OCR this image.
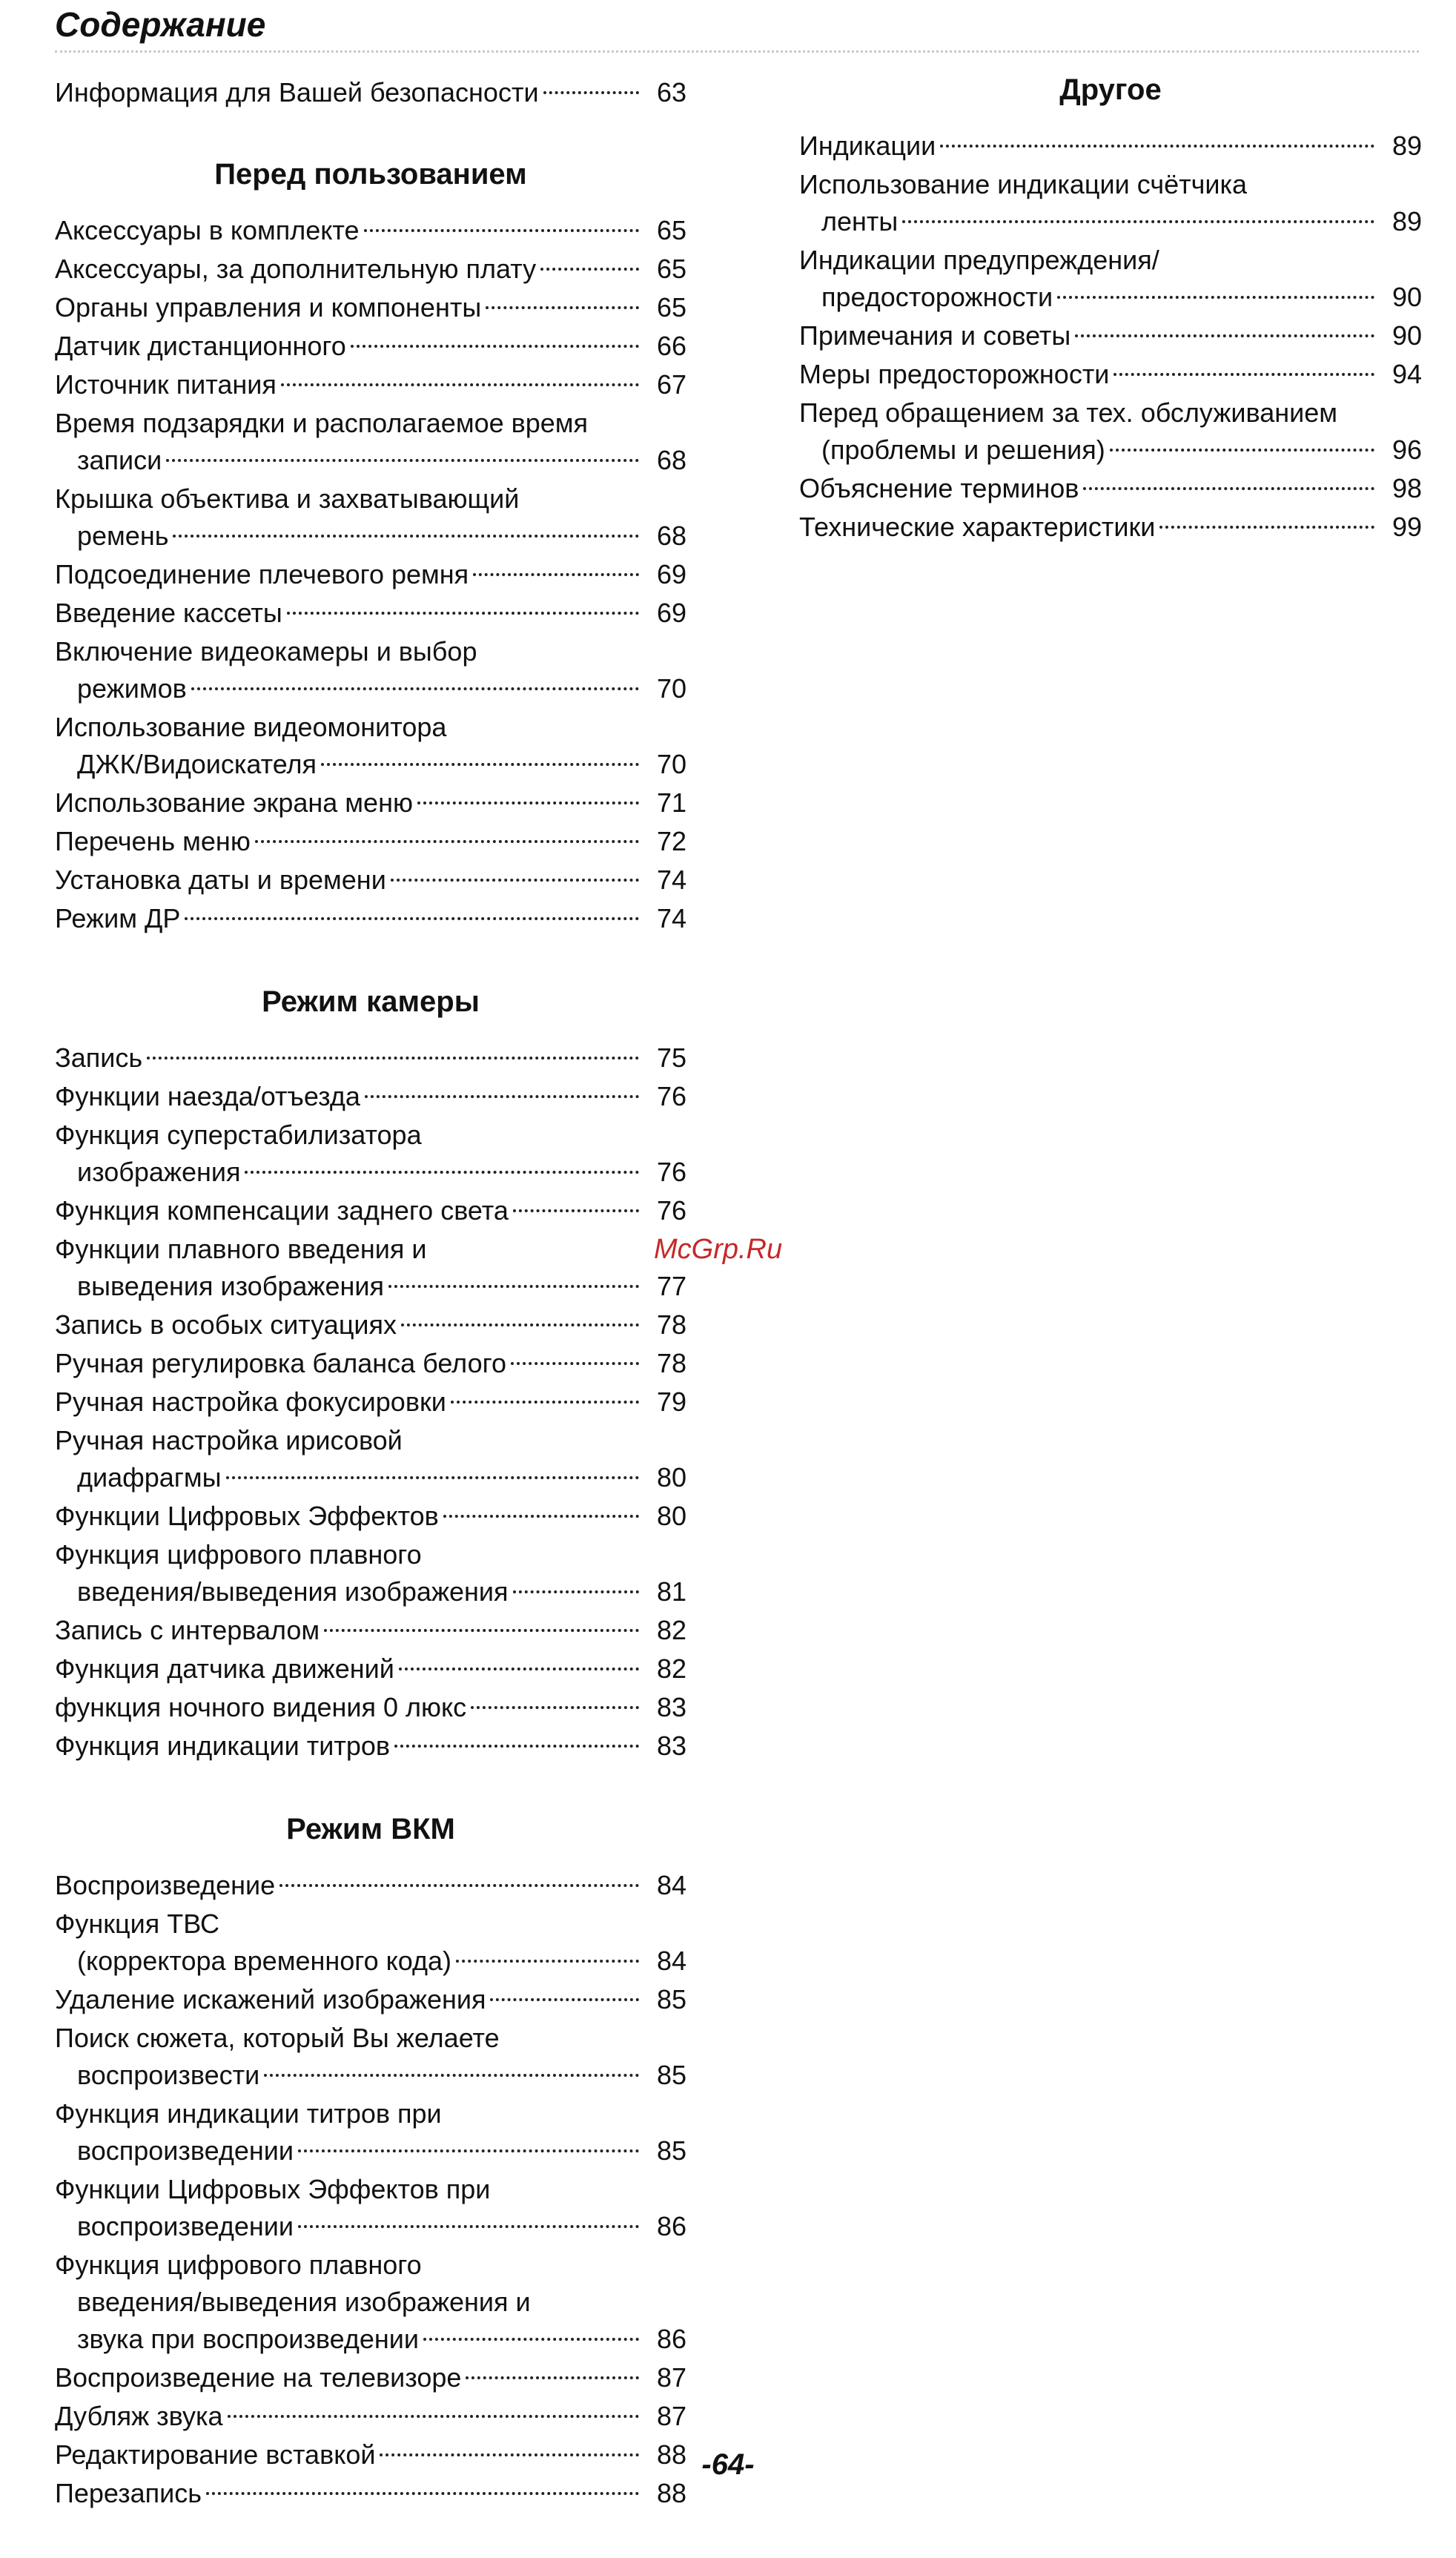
Содержание
Информация для Вашей безопасности	63
Перед пользованием
Аксессуары в комплекте	65
Аксессуары, за дополнительную плату	65
Органы управления и компоненты	65
Датчик дистанционного	66
Источник питания	67
Время подзарядки и располагаемое время
записи	68
Крышка объектива и захватывающий
ремень	68
Подсоединение плечевого ремня	69
Введение кассеты	69
Включение видеокамеры и выбор
режимов	70
Использование видеомонитора
ДЖК/Видоискателя	70
Использование экрана меню	71
Перечень меню	72
Установка даты и времени	74
Режим ДР	74
Режим камеры
Запись	75
Функции наезда/отъезда	76
Функция суперстабилизатора
изображения	76
Функция компенсации заднего света	76
Функции плавного введения и
выведения изображения	77
Запись в особых ситуациях	78
Ручная регулировка баланса белого	78
Ручная настройка фокусировки	79
Ручная настройка ирисовой
диафрагмы	80
Функции Цифровых Эффектов	80
Функция цифрового плавного
введения/выведения изображения	81
Запись с интервалом	82
Функция датчика движений	82
функция ночного видения 0 люкс	83
Функция индикации титров	83
Режим ВКМ
Воспроизведение	84
Функция ТВС
(корректора временного кода)	84
Удаление искажений изображения	85
Поиск сюжета, который Вы желаете
воспроизвести	85
Функция индикации титров при
воспроизведении	85
Функции Цифровых Эффектов при
воспроизведении	86
Функция цифрового плавного
введения/выведения изображения и
звука при воспроизведении	86
Воспроизведение на телевизоре	87
Дубляж звука	87
Редактирование вставкой	88
Перезапись	88
Другое
Индикации	89
Использование индикации счётчика
ленты	89
Индикации предупреждения/
предосторожности	90
Примечания и советы	90
Меры предосторожности	94
Перед обращением за тех. обслуживанием
(проблемы и решения)	96
Объяснение терминов	98
Технические характеристики	99
McGrp.Ru
-64-
